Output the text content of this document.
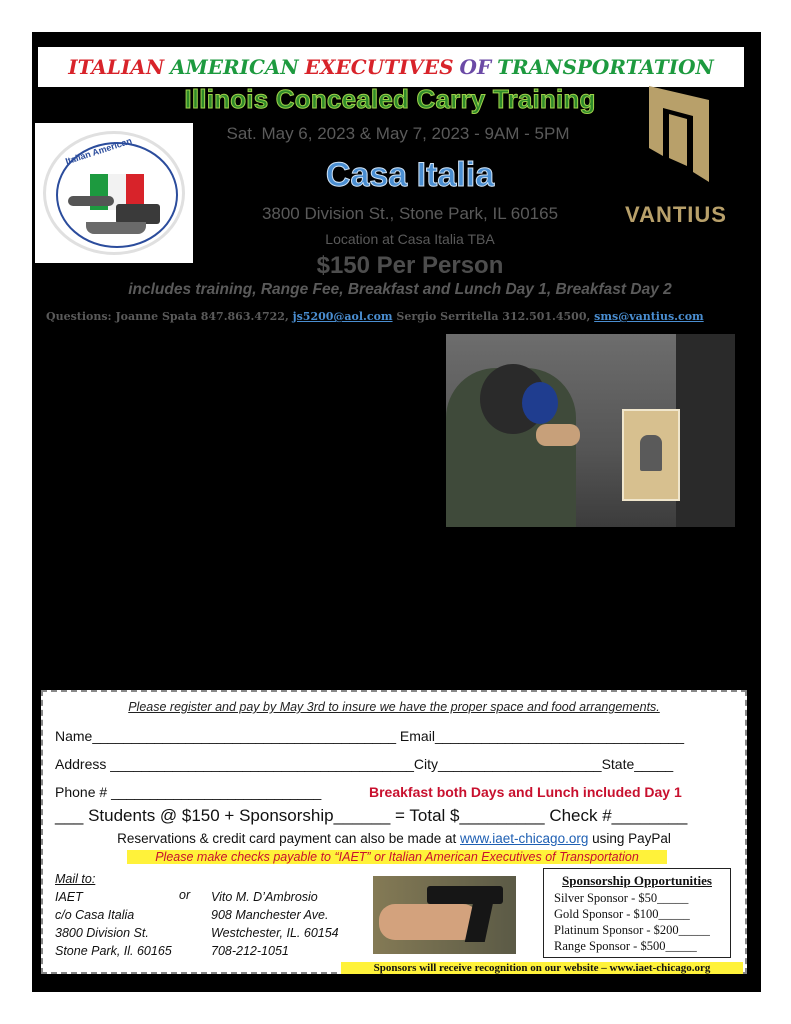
ITALIAN AMERICAN EXECUTIVES OF TRANSPORTATION
Illinois Concealed Carry Training
Italian American
Sat. May 6, 2023 & May 7, 2023 - 9AM - 5PM
Casa Italia
3800 Division St., Stone Park, IL 60165
Location at Casa Italia TBA
$150 Per Person
includes training, Range Fee, Breakfast and Lunch Day 1, Breakfast Day 2
Questions: Joanne Spata 847.863.4722, js5200@aol.com Sergio Serritella 312.501.4500, sms@vantius.com
VANTIUS
Please register and pay by May 3rd to insure we have the proper space and food arrangements.
Name_______________________________________ Email________________________________
Address _______________________________________City_____________________State_____
Phone # ___________________________	Breakfast both Days and Lunch included Day 1
___ Students @ $150 + Sponsorship______ = Total $_________ Check #________
Reservations & credit card payment can also be made at www.iaet-chicago.org using PayPal
Please make checks payable to “IAET” or Italian American Executives of Transportation
Mail to:
IAET
c/o Casa Italia
3800 Division St.
Stone Park, Il. 60165
or Vito M. D’Ambrosio
908 Manchester Ave.
Westchester, IL. 60154
708-212-1051
Sponsorship Opportunities
Silver Sponsor - $50_____
Gold Sponsor - $100_____
Platinum Sponsor - $200_____
Range Sponsor - $500_____
Sponsors will receive recognition on our website – www.iaet-chicago.org
